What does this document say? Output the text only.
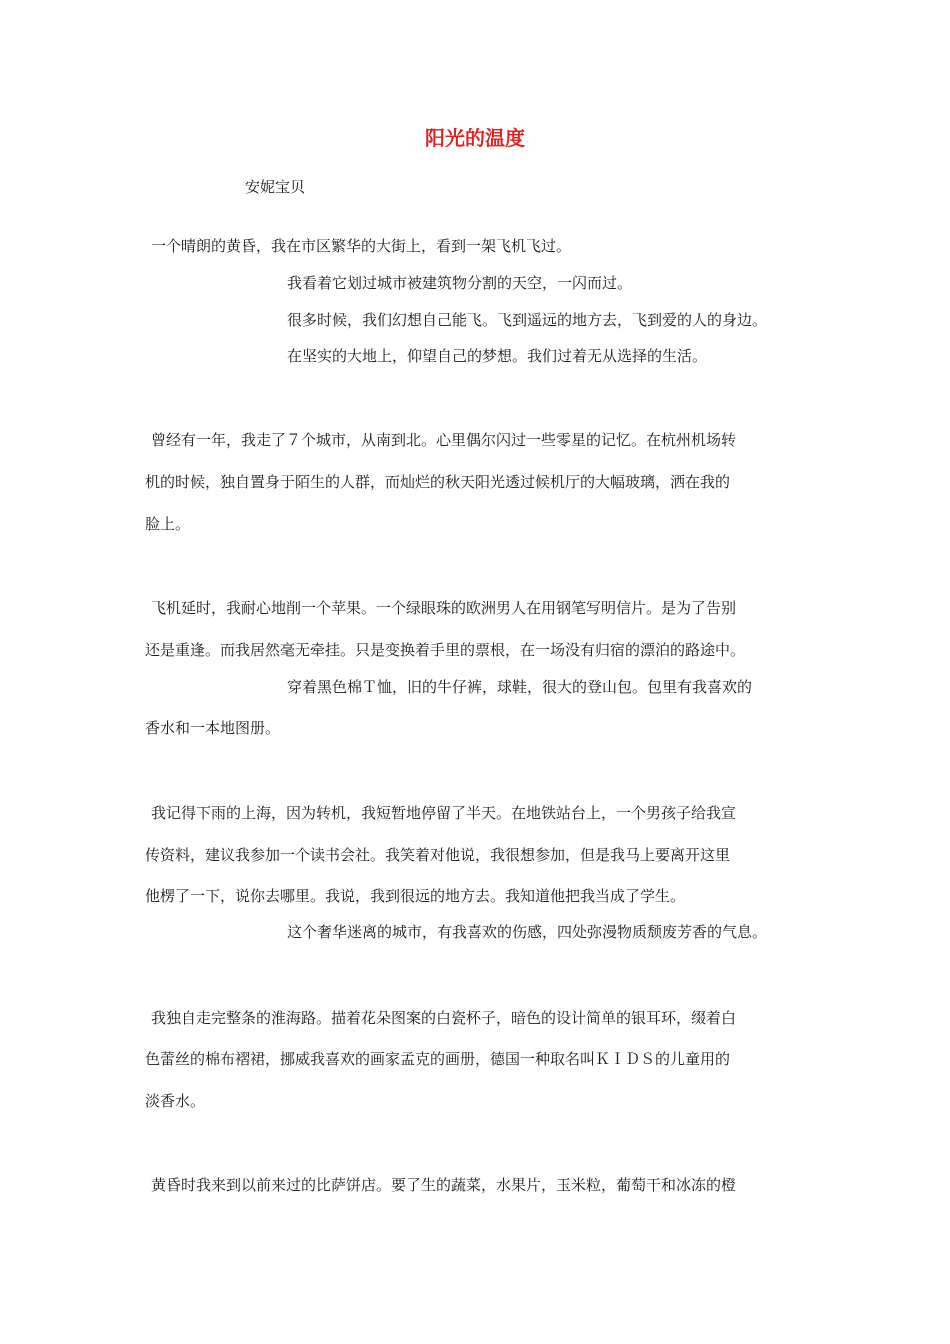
阳光的温度

安妮宝贝

一个晴朗的黄昏，我在市区繁华的大街上，看到一架飞机飞过。

我看着它划过城市被建筑物分割的天空，一闪而过。

很多时候，我们幻想自己能飞。飞到遥远的地方去，飞到爱的人的身边。

在坚实的大地上，仰望自己的梦想。我们过着无从选择的生活。

曾经有一年，我走了７个城市，从南到北。心里偶尔闪过一些零星的记忆。在杭州机场转

机的时候，独自置身于陌生的人群，而灿烂的秋天阳光透过候机厅的大幅玻璃，洒在我的

脸上。

飞机延时，我耐心地削一个苹果。一个绿眼珠的欧洲男人在用钢笔写明信片。是为了告别

还是重逢。而我居然毫无牵挂。只是变换着手里的票根，在一场没有归宿的漂泊的路途中。

穿着黑色棉Ｔ恤，旧的牛仔裤，球鞋，很大的登山包。包里有我喜欢的

香水和一本地图册。

我记得下雨的上海，因为转机，我短暂地停留了半天。在地铁站台上，一个男孩子给我宣

传资料，建议我参加一个读书会社。我笑着对他说，我很想参加，但是我马上要离开这里

他楞了一下，说你去哪里。我说，我到很远的地方去。我知道他把我当成了学生。

这个奢华迷离的城市，有我喜欢的伤感，四处弥漫物质颓废芳香的气息。

我独自走完整条的淮海路。描着花朵图案的白瓷杯子，暗色的设计简单的银耳环，缀着白

色蕾丝的棉布褶裙，挪威我喜欢的画家孟克的画册，德国一种取名叫ＫＩＤＳ的儿童用的

淡香水。

黄昏时我来到以前来过的比萨饼店。要了生的蔬菜，水果片，玉米粒，葡萄干和冰冻的橙
